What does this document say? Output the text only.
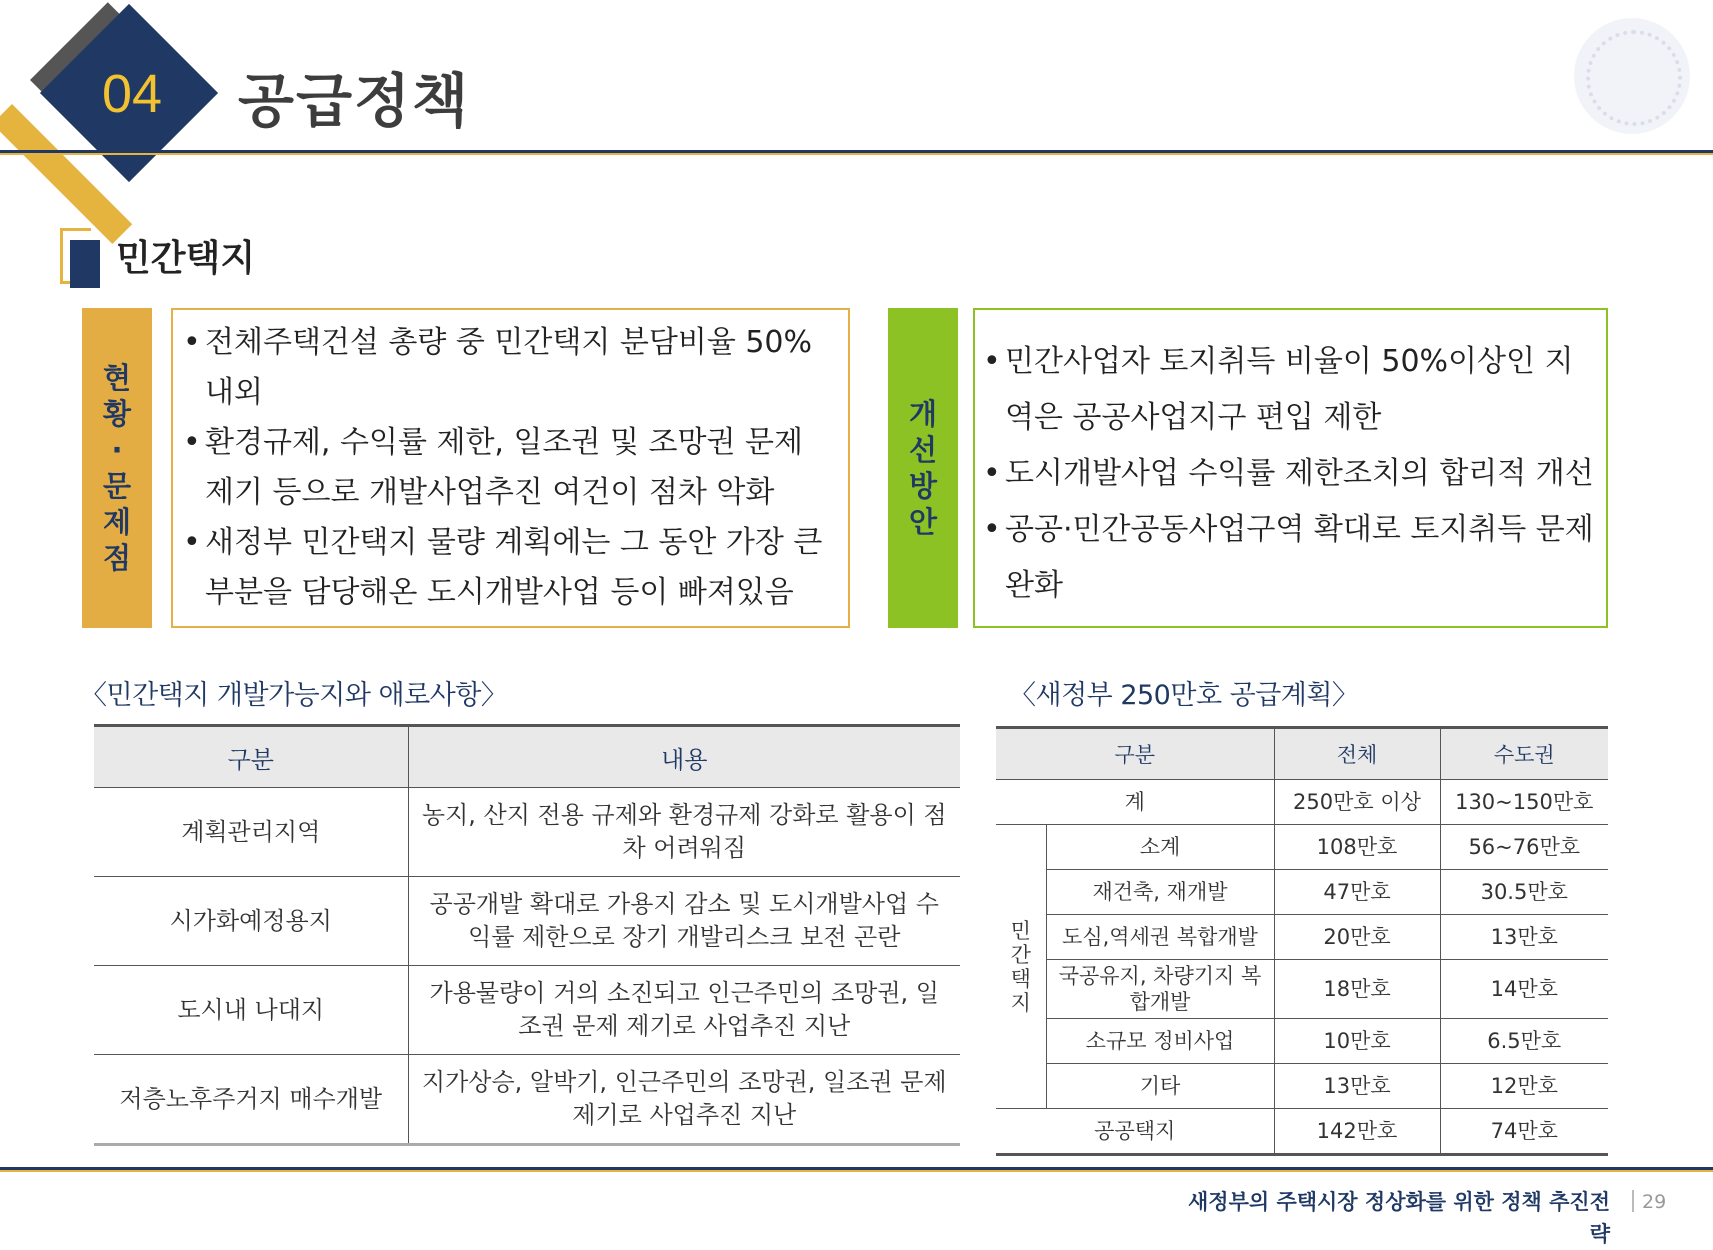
04	공급정책
민간택지
현
황
·
문
제
점
• 전체주택건설 총량 중 민간택지 분담비율 50% 내외
• 환경규제, 수익률 제한, 일조권 및 조망권 문제 제기 등으로 개발사업추진 여건이 점차 악화
• 새정부 민간택지 물량 계획에는 그 동안 가장 큰 부분을 담당해온 도시개발사업 등이 빠져있음
개
선
방
안
• 민간사업자 토지취득 비율이 50%이상인 지역은 공공사업지구 편입 제한
• 도시개발사업 수익률 제한조치의 합리적 개선
• 공공·민간공동사업구역 확대로 토지취득 문제 완화
〈민간택지 개발가능지와 애로사항〉
구분	내용
계획관리지역	농지, 산지 전용 규제와 환경규제 강화로 활용이 점차 어려워짐
시가화예정용지	공공개발 확대로 가용지 감소 및 도시개발사업 수익률 제한으로 장기 개발리스크 보전 곤란
도시내 나대지	가용물량이 거의 소진되고 인근주민의 조망권, 일조권 문제 제기로 사업추진 지난
저층노후주거지 매수개발	지가상승, 알박기, 인근주민의 조망권, 일조권 문제 제기로 사업추진 지난
〈새정부 250만호 공급계획〉
구분		전체	수도권
계		250만호 이상	130~150만호

민
간
택
지	소계	108만호	56~76만호
	재건축, 재개발	47만호	30.5만호
	도심,역세권 복합개발	20만호	13만호
	국공유지, 차량기지 복합개발	18만호	14만호
	소규모 정비사업	10만호	6.5만호
	기타	13만호	12만호
공공택지		142만호	74만호
새정부의 주택시장 정상화를 위한 정책 추진전략
29
